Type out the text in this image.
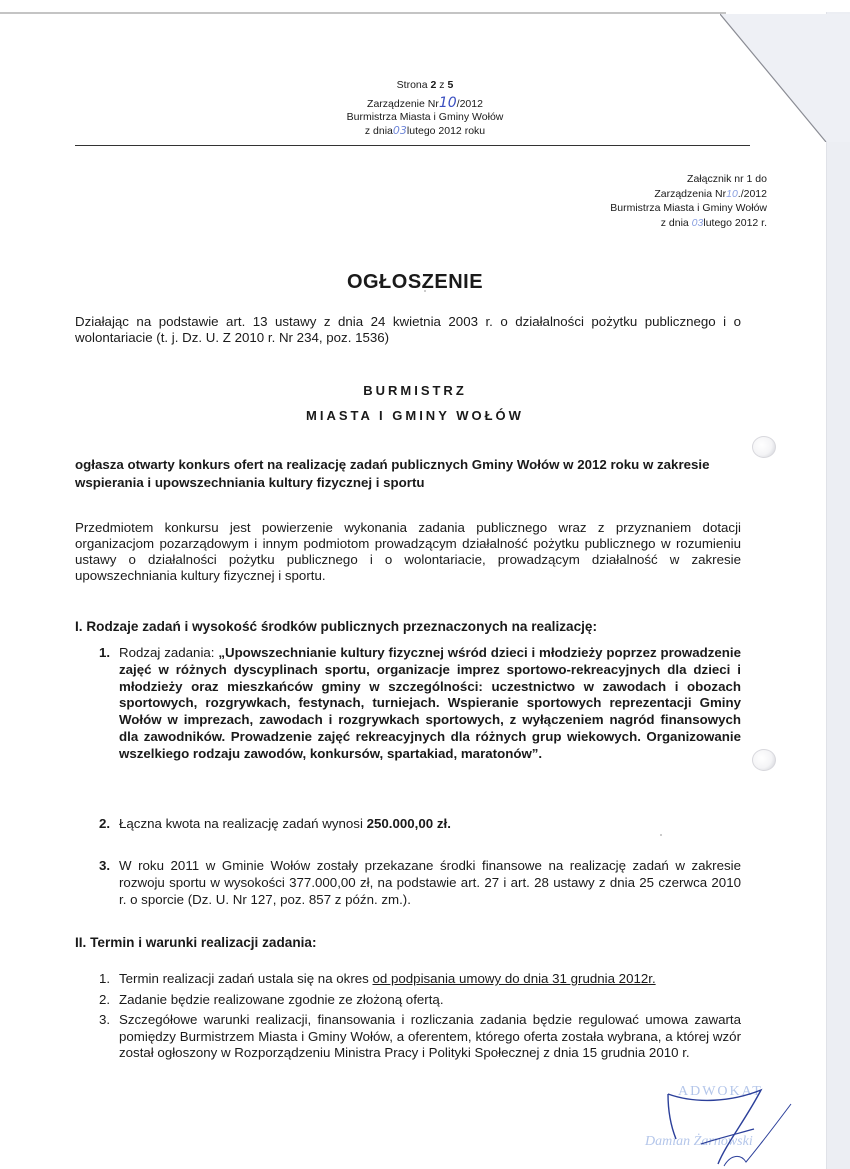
Strona 2 z 5
Zarządzenie Nr10/2012
Burmistrza Miasta i Gminy Wołów
z dnia03lutego 2012 roku
Załącznik nr 1 do
Zarządzenia Nr10./2012
Burmistrza Miasta i Gminy Wołów
z dnia 03lutego 2012 r.
OGŁOSZENIE
Działając na podstawie art. 13 ustawy z dnia 24 kwietnia 2003 r. o działalności pożytku publicznego i o wolontariacie (t. j. Dz. U. Z 2010 r. Nr 234, poz. 1536)
BURMISTRZ
MIASTA I GMINY WOŁÓW
ogłasza otwarty konkurs ofert na realizację zadań publicznych Gminy Wołów w 2012 roku w zakresie wspierania i upowszechniania kultury fizycznej i sportu
Przedmiotem konkursu jest powierzenie wykonania zadania publicznego wraz z przyznaniem dotacji organizacjom pozarządowym i innym podmiotom prowadzącym działalność pożytku publicznego w rozumieniu ustawy o działalności pożytku publicznego i o wolontariacie, prowadzącym działalność w zakresie upowszechniania kultury fizycznej i sportu.
I. Rodzaje zadań i wysokość środków publicznych przeznaczonych na realizację:
1. Rodzaj zadania: „Upowszechnianie kultury fizycznej wśród dzieci i młodzieży poprzez prowadzenie zajęć w różnych dyscyplinach sportu, organizacje imprez sportowo-rekreacyjnych dla dzieci i młodzieży oraz mieszkańców gminy w szczególności: uczestnictwo w zawodach i obozach sportowych, rozgrywkach, festynach, turniejach. Wspieranie sportowych reprezentacji Gminy Wołów w imprezach, zawodach i rozgrywkach sportowych, z wyłączeniem nagród finansowych dla zawodników. Prowadzenie zajęć rekreacyjnych dla różnych grup wiekowych. Organizowanie wszelkiego rodzaju zawodów, konkursów, spartakiad, maratonów”.
2. Łączna kwota na realizację zadań wynosi 250.000,00 zł.
3. W roku 2011 w Gminie Wołów zostały przekazane środki finansowe na realizację zadań w zakresie rozwoju sportu w wysokości 377.000,00 zł, na podstawie art. 27 i art. 28 ustawy z dnia 25 czerwca 2010 r. o sporcie (Dz. U. Nr 127, poz. 857 z późn. zm.).
II. Termin i warunki realizacji zadania:
1. Termin realizacji zadań ustala się na okres od podpisania umowy do dnia 31 grudnia 2012r.
2. Zadanie będzie realizowane zgodnie ze złożoną ofertą.
3. Szczegółowe warunki realizacji, finansowania i rozliczania zadania będzie regulować umowa zawarta pomiędzy Burmistrzem Miasta i Gminy Wołów, a oferentem, którego oferta została wybrana, a której wzór został ogłoszony w Rozporządzeniu Ministra Pracy i Polityki Społecznej z dnia 15 grudnia 2010 r.
ADWOKAT
Damian Żarnowski
